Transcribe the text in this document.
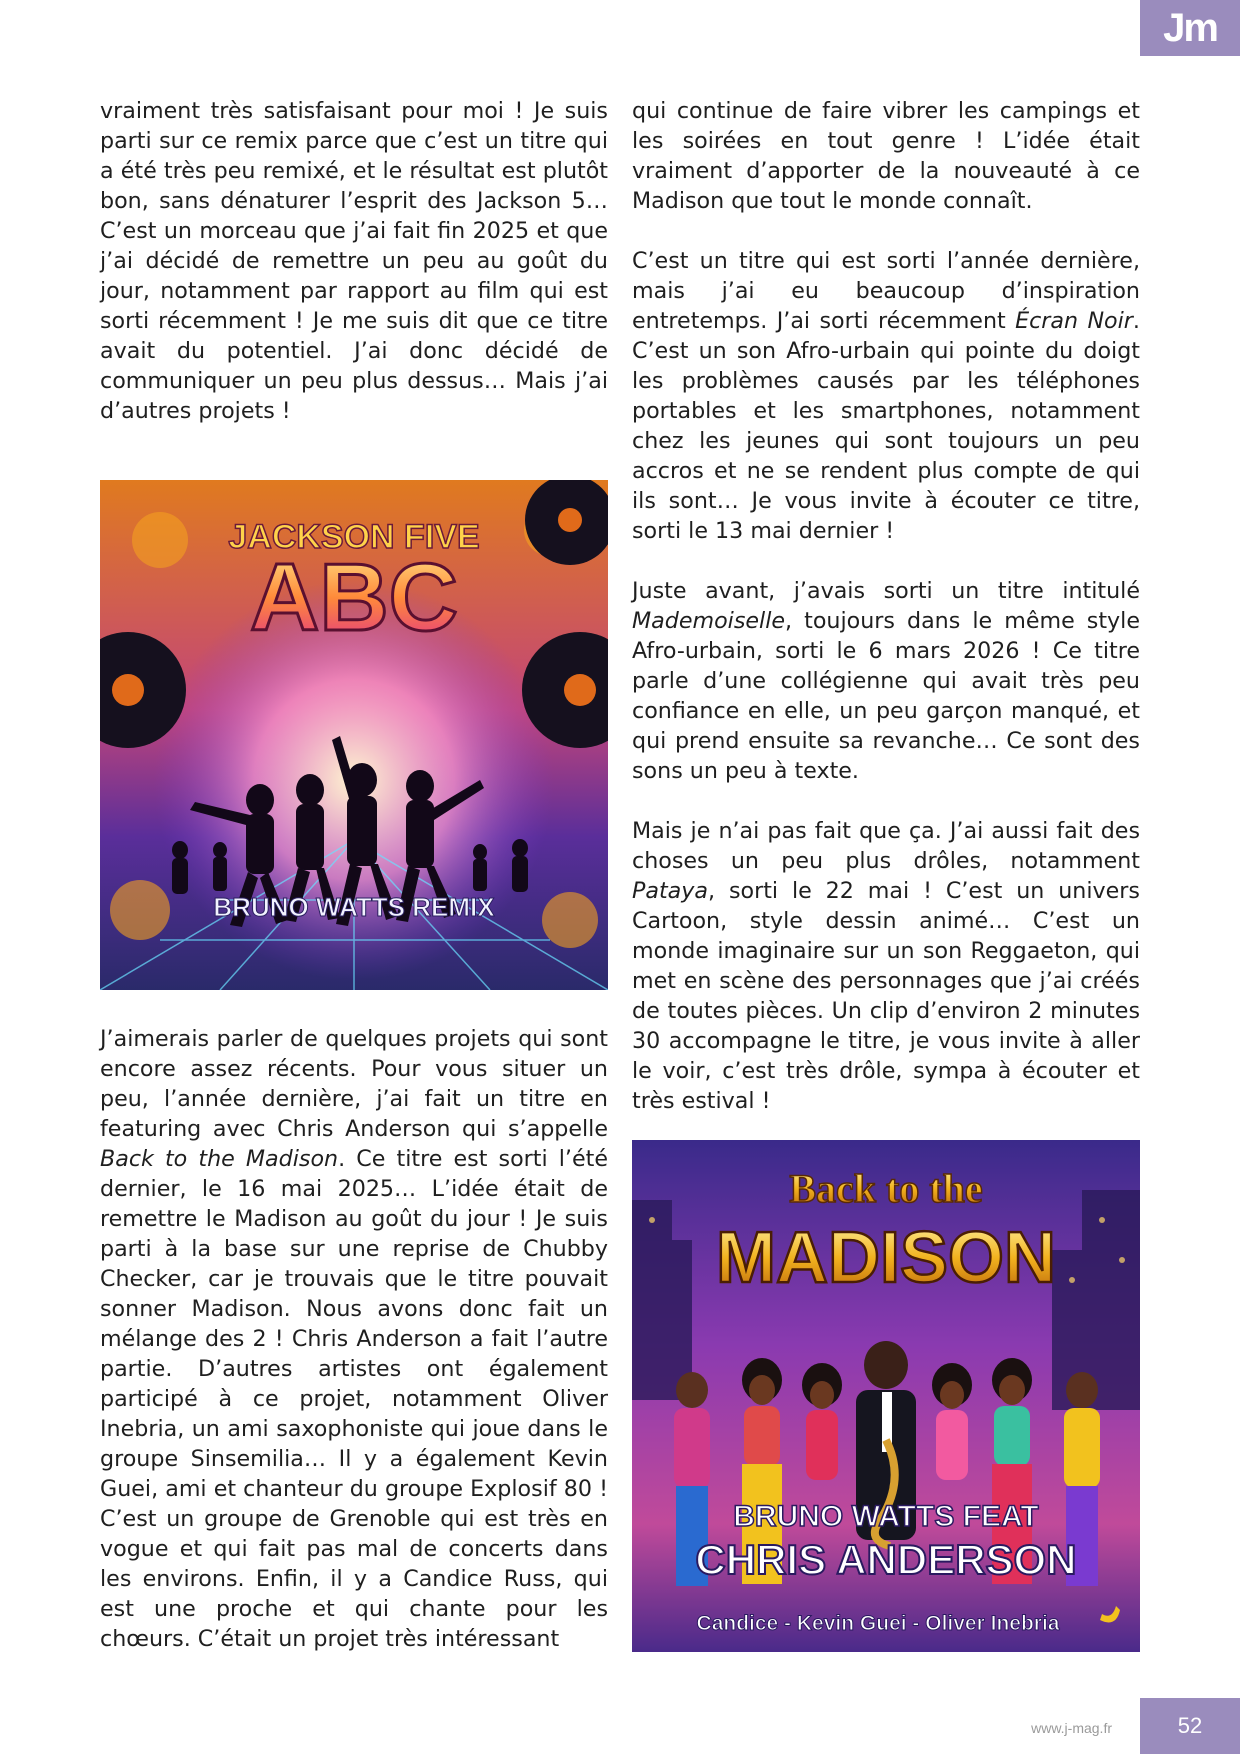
Jm

vraiment très satisfaisant pour moi ! Je suis parti sur ce remix parce que c’est un titre qui a été très peu remixé, et le résultat est plutôt bon, sans dénaturer l’esprit des Jackson 5… C’est un morceau que j’ai fait fin 2025 et que j’ai décidé de remettre un peu au goût du jour, notamment par rapport au film qui est sorti récemment ! Je me suis dit que ce titre avait du potentiel. J’ai donc décidé de communiquer un peu plus dessus… Mais j’ai d’autres projets !

JACKSON FIVE
ABC
BRUNO WATTS REMIX

J’aimerais parler de quelques projets qui sont encore assez récents. Pour vous situer un peu, l’année dernière, j’ai fait un titre en featuring avec Chris Anderson qui s’appelle Back to the Madison. Ce titre est sorti l’été dernier, le 16 mai 2025… L’idée était de remettre le Madison au goût du jour ! Je suis parti à la base sur une reprise de Chubby Checker, car je trouvais que le titre pouvait sonner Madison. Nous avons donc fait un mélange des 2 ! Chris Anderson a fait l’autre partie. D’autres artistes ont également participé à ce projet, notamment Oliver Inebria, un ami saxophoniste qui joue dans le groupe Sinsemilia… Il y a également Kevin Guei, ami et chanteur du groupe Explosif 80 ! C’est un groupe de Grenoble qui est très en vogue et qui fait pas mal de concerts dans les environs. Enfin, il y a Candice Russ, qui est une proche et qui chante pour les chœurs. C’était un projet très intéressant

qui continue de faire vibrer les campings et les soirées en tout genre ! L’idée était vraiment d’apporter de la nouveauté à ce Madison que tout le monde connaît.

C’est un titre qui est sorti l’année dernière, mais j’ai eu beaucoup d’inspiration entretemps. J’ai sorti récemment Écran Noir. C’est un son Afro-urbain qui pointe du doigt les problèmes causés par les téléphones portables et les smartphones, notamment chez les jeunes qui sont toujours un peu accros et ne se rendent plus compte de qui ils sont… Je vous invite à écouter ce titre, sorti le 13 mai dernier !

Juste avant, j’avais sorti un titre intitulé Mademoiselle, toujours dans le même style Afro-urbain, sorti le 6 mars 2026 ! Ce titre parle d’une collégienne qui avait très peu confiance en elle, un peu garçon manqué, et qui prend ensuite sa revanche… Ce sont des sons un peu à texte.

Mais je n’ai pas fait que ça. J’ai aussi fait des choses un peu plus drôles, notamment Pataya, sorti le 22 mai ! C’est un univers Cartoon, style dessin animé… C’est un monde imaginaire sur un son Reggaeton, qui met en scène des personnages que j’ai créés de toutes pièces. Un clip d’environ 2 minutes 30 accompagne le titre, je vous invite à aller le voir, c’est très drôle, sympa à écouter et très estival !

Back to the
MADISON
BRUNO WATTS FEAT
CHRIS ANDERSON
Candice - Kevin Guei - Oliver Inebria
www.j-mag.fr	52
